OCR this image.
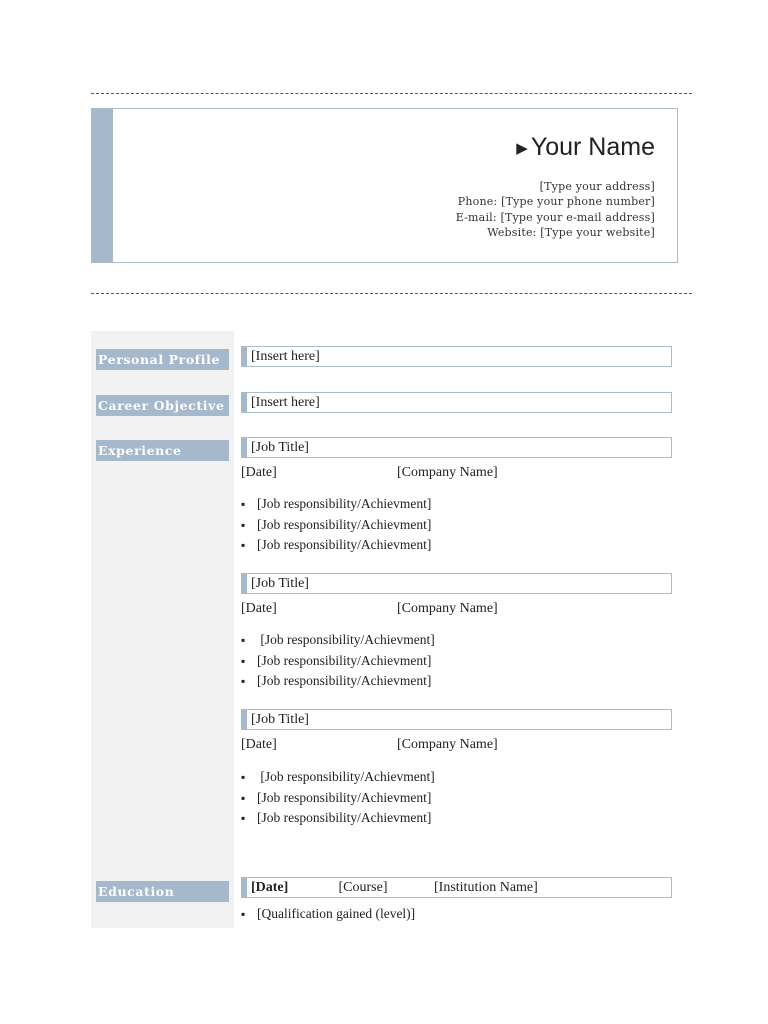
▶ Your Name
[Type your address]
Phone: [Type your phone number]
E-mail: [Type your e-mail address]
Website: [Type your website]
Personal Profile	[Insert here]
Career Objective	[Insert here]
Experience	[Job Title]
[Date]	[Company Name]
▪ [Job responsibility/Achievment]
▪ [Job responsibility/Achievment]
▪ [Job responsibility/Achievment]
[Job Title]
[Date]	[Company Name]
▪ [Job responsibility/Achievment]
▪ [Job responsibility/Achievment]
▪ [Job responsibility/Achievment]
[Job Title]
[Date]	[Company Name]
▪ [Job responsibility/Achievment]
▪ [Job responsibility/Achievment]
▪ [Job responsibility/Achievment]
Education	[Date]	[Course]	[Institution Name]
▪ [Qualification gained (level)]
